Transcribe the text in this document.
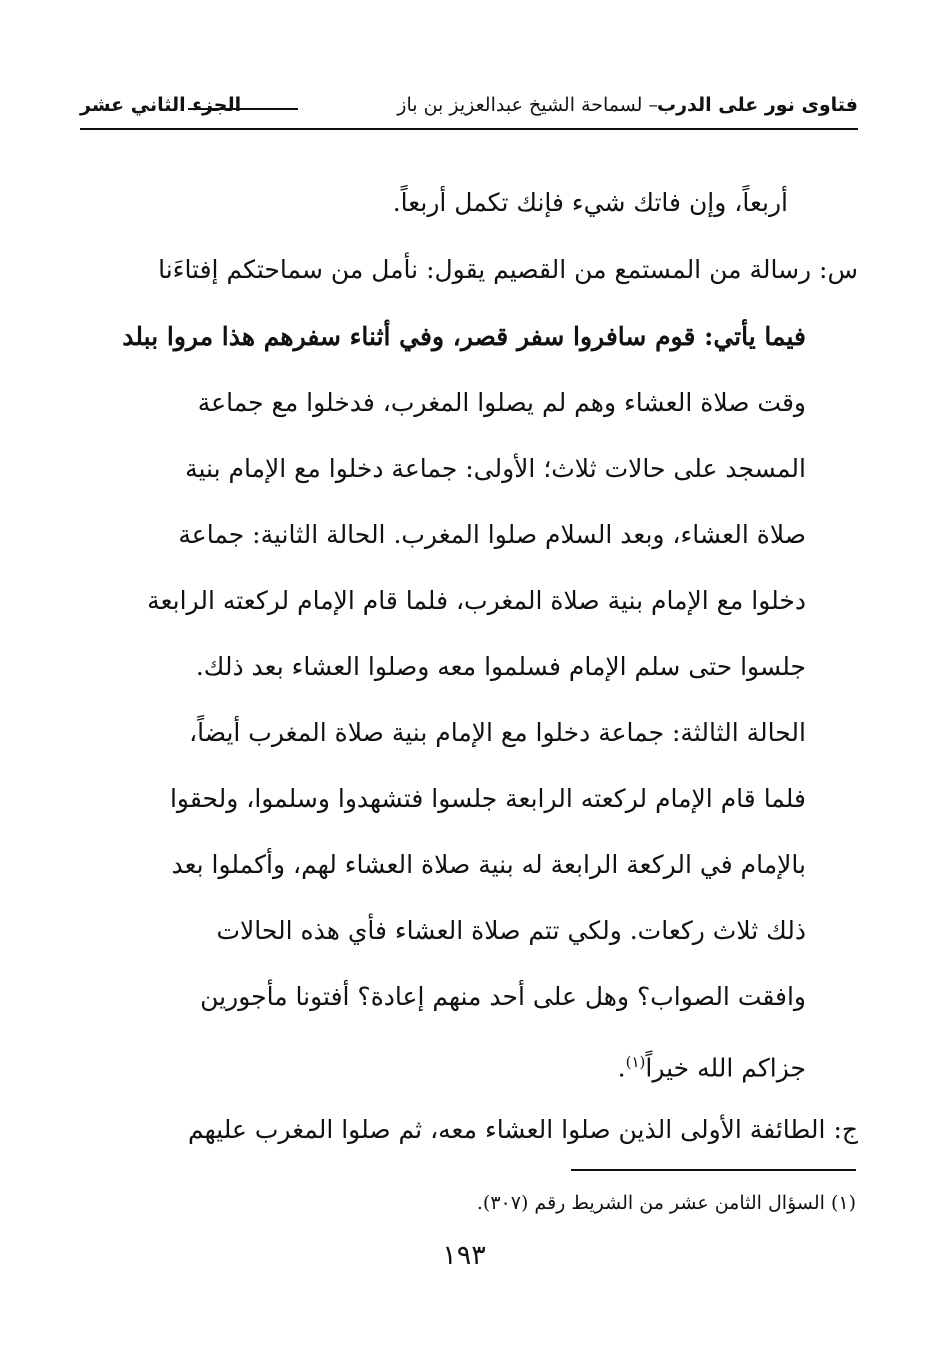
فتاوى نور على الدرب
– لسماحة الشيخ عبدالعزيز بن باز
الجزء الثاني عشر
أربعاً، وإن فاتك شيء فإنك تكمل أربعاً.
س: رسالة من المستمع من القصيم يقول: نأمل من سماحتكم إفتاءَنا
فيما يأتي: قوم سافروا سفر قصر، وفي أثناء سفرهم هذا مروا ببلد
وقت صلاة العشاء وهم لم يصلوا المغرب، فدخلوا مع جماعة
المسجد على حالات ثلاث؛ الأولى: جماعة دخلوا مع الإمام بنية
صلاة العشاء، وبعد السلام صلوا المغرب. الحالة الثانية: جماعة
دخلوا مع الإمام بنية صلاة المغرب، فلما قام الإمام لركعته الرابعة
جلسوا حتى سلم الإمام فسلموا معه وصلوا العشاء بعد ذلك.
الحالة الثالثة: جماعة دخلوا مع الإمام بنية صلاة المغرب أيضاً،
فلما قام الإمام لركعته الرابعة جلسوا فتشهدوا وسلموا، ولحقوا
بالإمام في الركعة الرابعة له بنية صلاة العشاء لهم، وأكملوا بعد
ذلك ثلاث ركعات. ولكي تتم صلاة العشاء فأي هذه الحالات
وافقت الصواب؟ وهل على أحد منهم إعادة؟ أفتونا مأجورين
جزاكم الله خيراً$^{(١)}$.
ج: الطائفة الأولى الذين صلوا العشاء معه، ثم صلوا المغرب عليهم
(١) السؤال الثامن عشر من الشريط رقم (٣٠٧).
١٩٣
